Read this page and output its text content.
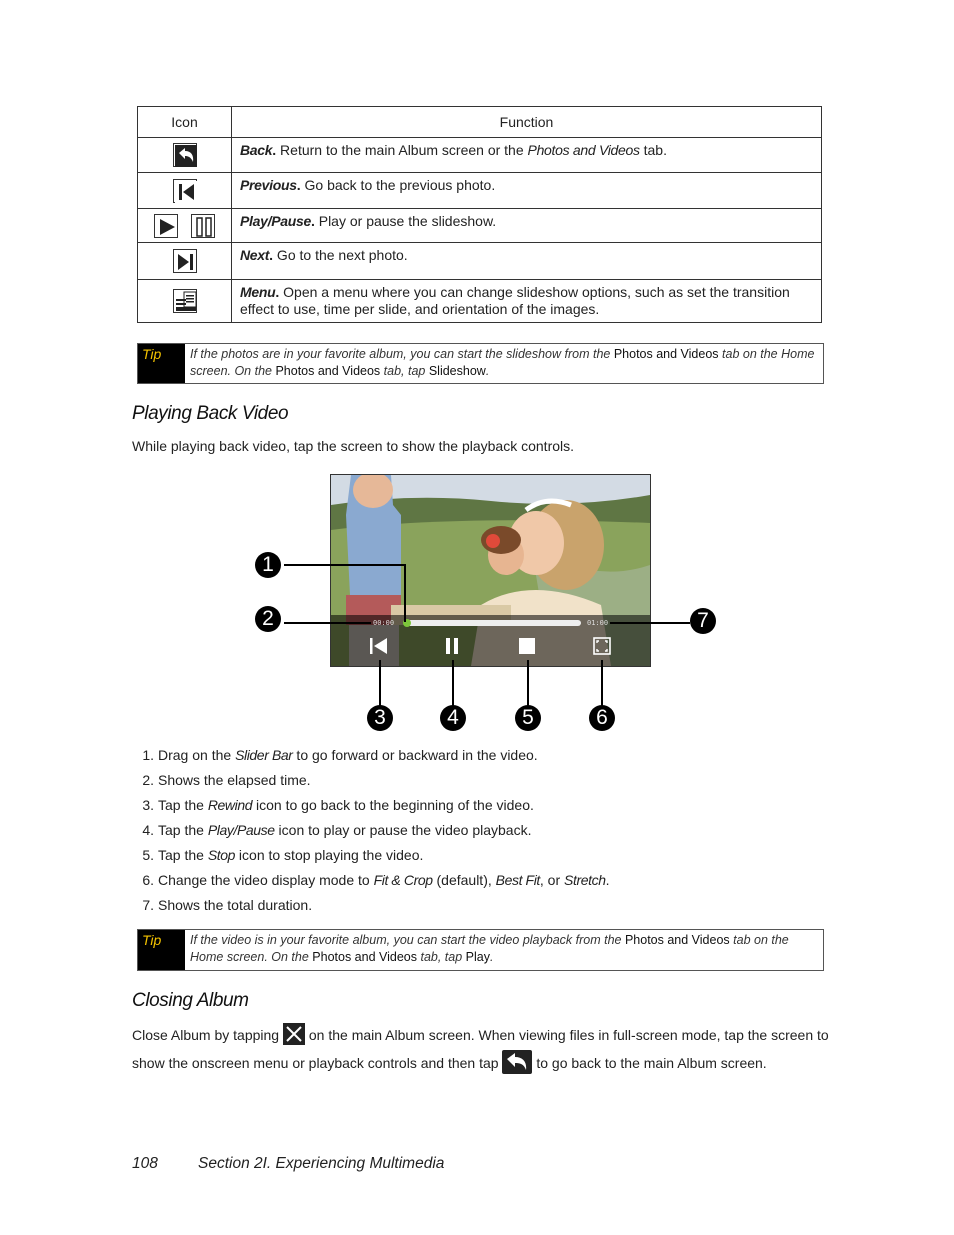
Icon	Function

	Back. Return to the main Album screen or the Photos and Videos tab.

	Previous. Go back to the previous photo.

	Play/Pause. Play or pause the slideshow.

	Next. Go to the next photo.

	Menu. Open a menu where you can change slideshow options, such as set the transition effect to use, time per slide, and orientation of the images.
Tip	If the photos are in your favorite album, you can start the slideshow from the Photos and Videos tab on the Home screen. On the Photos and Videos tab, tap Slideshow.
Playing Back Video

While playing back video, tap the screen to show the playback controls.

00:00	01:00
1
2
3	4	5	6
7
1. Drag on the Slider Bar to go forward or backward in the video.
2. Shows the elapsed time.
3. Tap the Rewind icon to go back to the beginning of the video.
4. Tap the Play/Pause icon to play or pause the video playback.
5. Tap the Stop icon to stop playing the video.
6. Change the video display mode to Fit & Crop (default), Best Fit, or Stretch.
7. Shows the total duration.
Tip	If the video is in your favorite album, you can start the video playback from the Photos and Videos tab on the Home screen. On the Photos and Videos tab, tap Play.
Closing Album

Close Album by tapping  on the main Album screen. When viewing files in full-screen mode, tap the screen to show the onscreen menu or playback controls and then tap  to go back to the main Album screen.

108	Section 2I. Experiencing Multimedia
